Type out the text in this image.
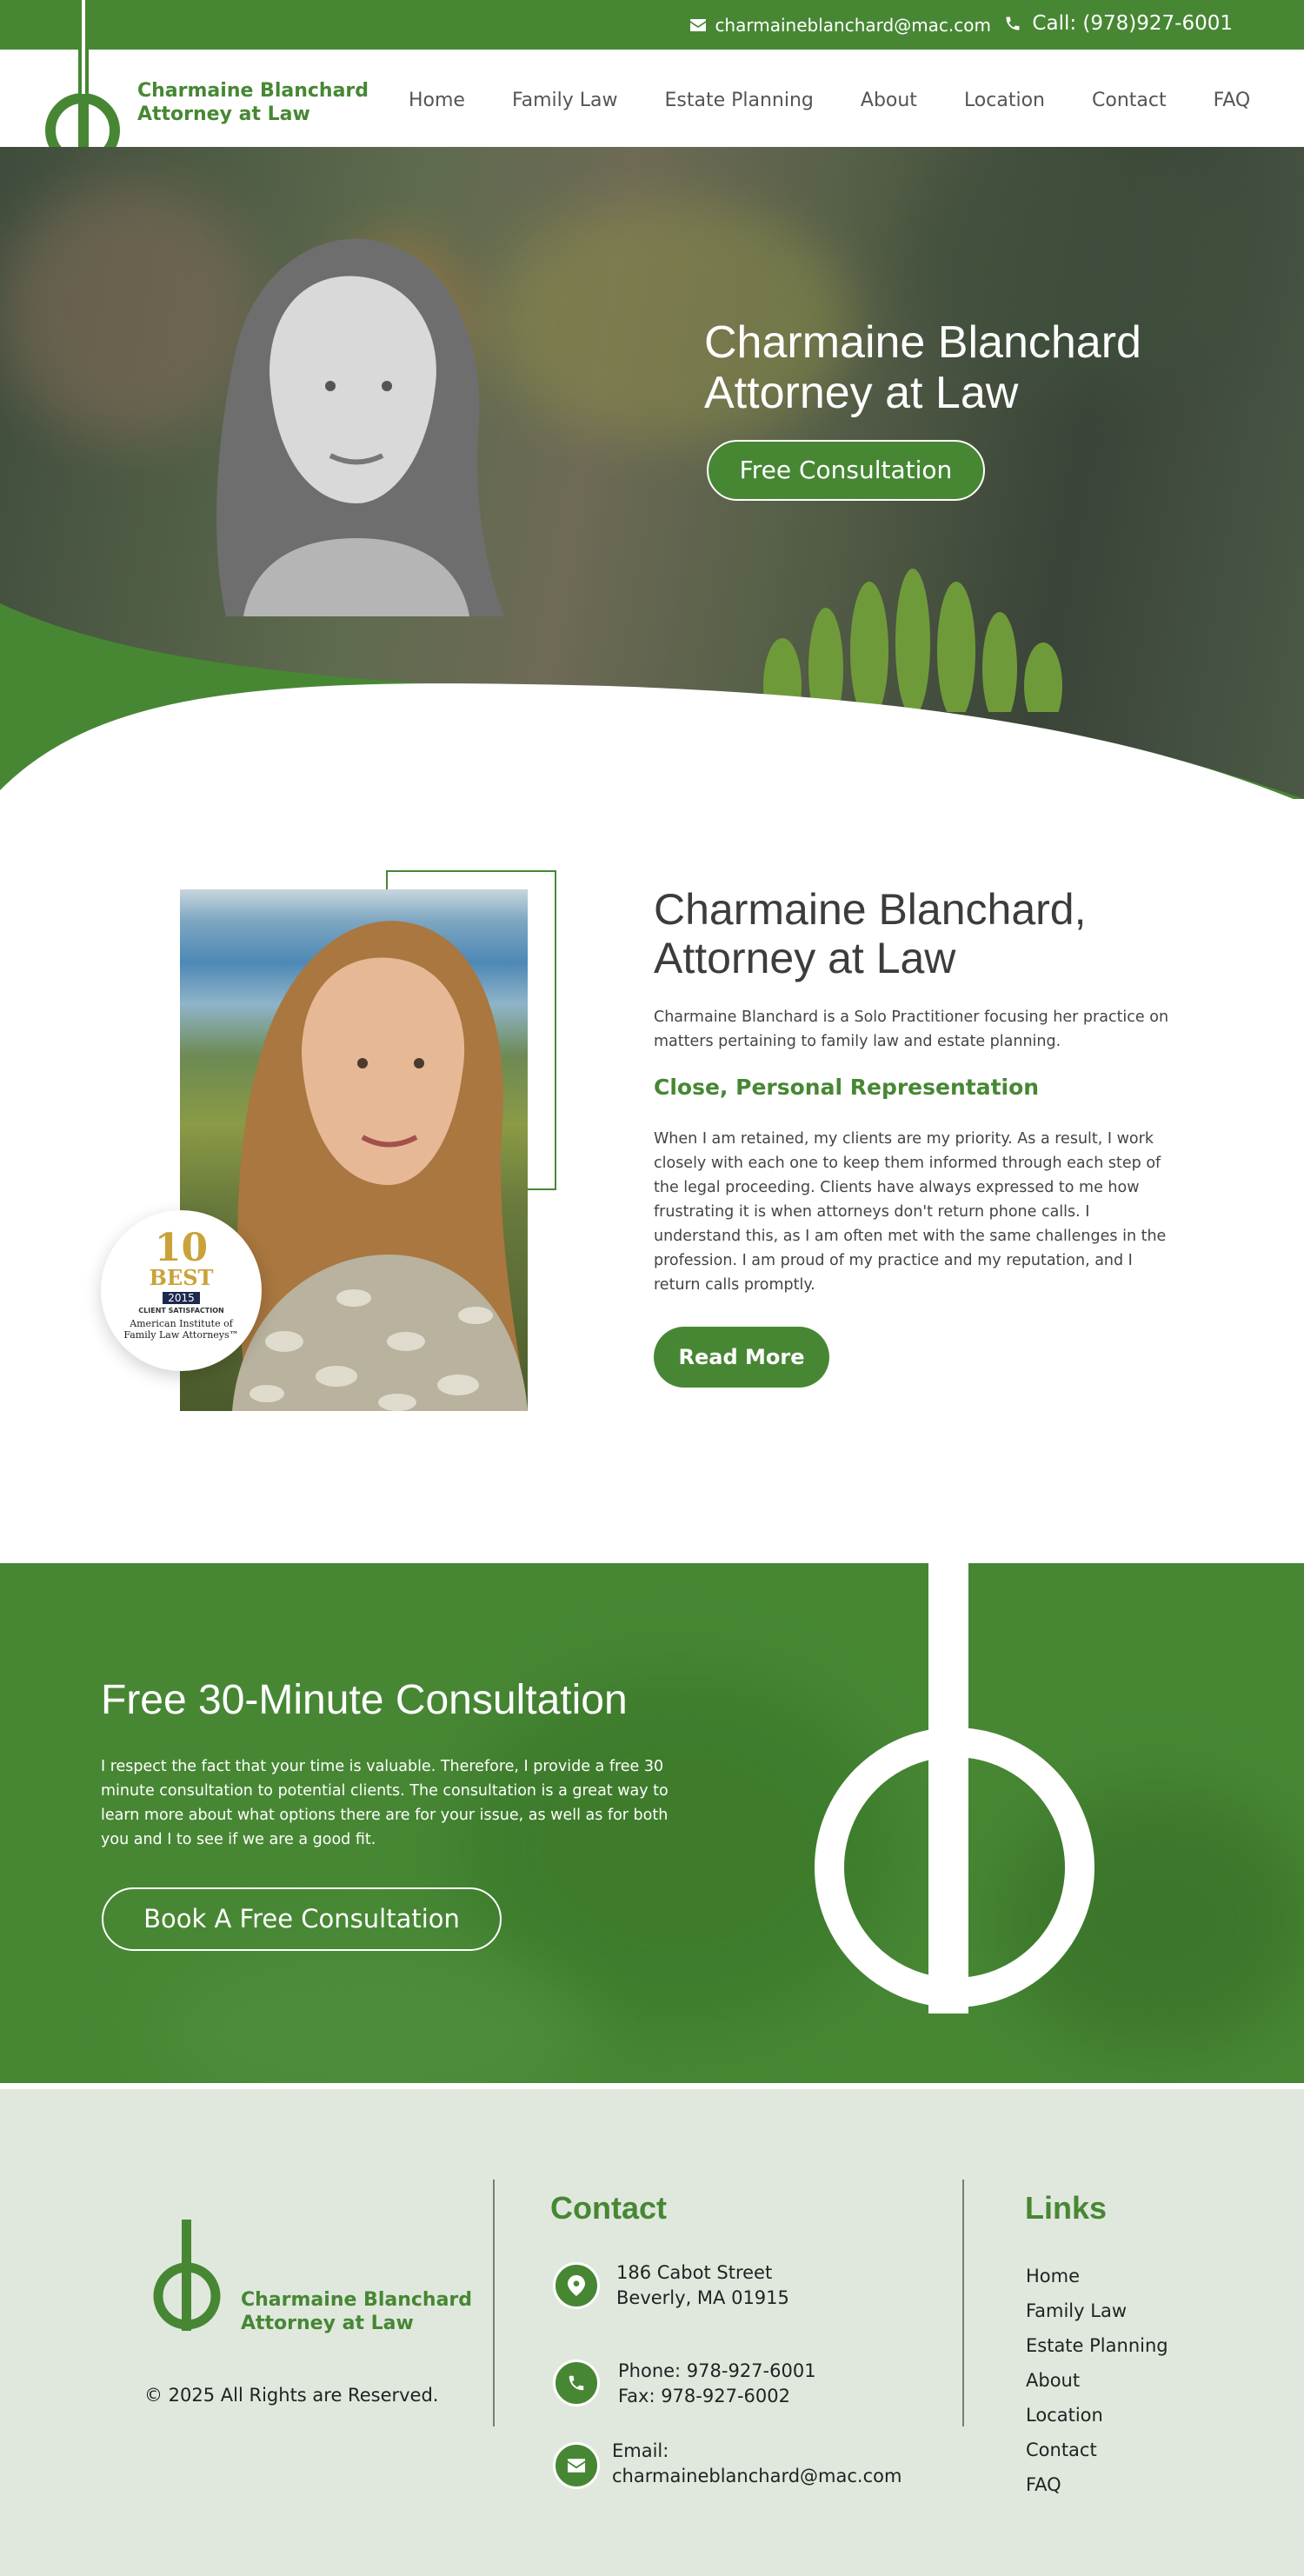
charmaineblanchard@mac.com Call: (978)927-6001
Charmaine Blanchard
Attorney at Law
Home Family Law Estate Planning About Location Contact FAQ
Charmaine Blanchard
Attorney at Law
Free Consultation
10
BEST
2015
CLIENT SATISFACTION
American Institute of
Family Law Attorneys™
Charmaine Blanchard,
Attorney at Law

Charmaine Blanchard is a Solo Practitioner focusing her practice on matters pertaining to family law and estate planning.

Close, Personal Representation

When I am retained, my clients are my priority. As a result, I work closely with each one to keep them informed through each step of the legal proceeding. Clients have always expressed to me how frustrating it is when attorneys don't return phone calls. I understand this, as I am often met with the same challenges in the profession. I am proud of my practice and my reputation, and I return calls promptly.

Read More
Free 30-Minute Consultation

I respect the fact that your time is valuable. Therefore, I provide a free 30 minute consultation to potential clients. The consultation is a great way to learn more about what options there are for your issue, as well as for both you and I to see if we are a good fit.

Book A Free Consultation
Charmaine Blanchard
Attorney at Law
© 2025 All Rights are Reserved.
Contact
186 Cabot Street
Beverly, MA 01915
Phone: 978-927-6001
Fax: 978-927-6002
Email:
charmaineblanchard@mac.com
Links
Home
Family Law
Estate Planning
About
Location
Contact
FAQ
